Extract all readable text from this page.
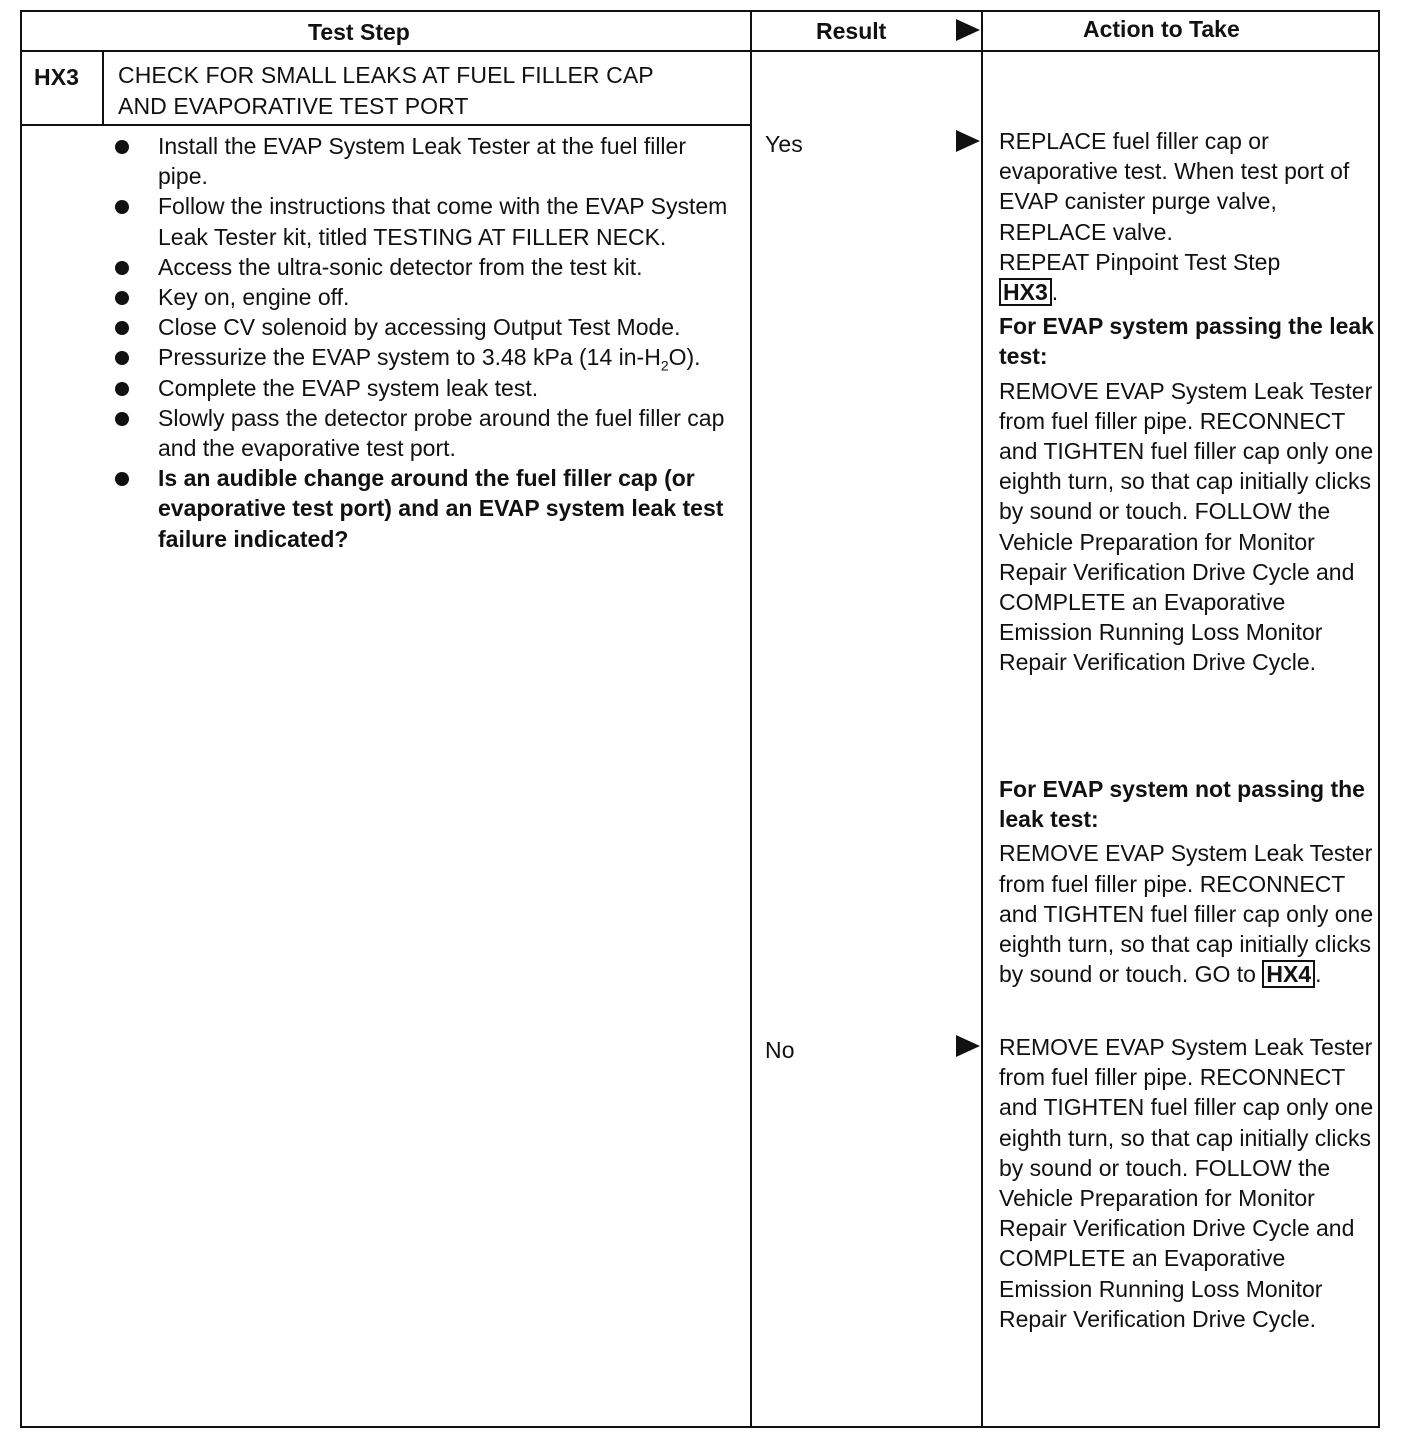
Test Step	Result	Action to Take
HX3 CHECK FOR SMALL LEAKS AT FUEL FILLER CAP
AND EVAPORATIVE TEST PORT
Install the EVAP System Leak Tester at the fuel filler pipe.
Follow the instructions that come with the EVAP System Leak Tester kit, titled TESTING AT FILLER NECK.
Access the ultra-sonic detector from the test kit.
Key on, engine off.
Close CV solenoid by accessing Output Test Mode.
Pressurize the EVAP system to 3.48 kPa (14 $in-H_2O$).
Complete the EVAP system leak test.
Slowly pass the detector probe around the fuel filler cap and the evaporative test port.
Is an audible change around the fuel filler cap (or evaporative test port) and an EVAP system leak test failure indicated?
Yes	REPLACE fuel filler cap or evaporative test. When test port of EVAP canister purge valve, REPLACE valve.

REPEAT Pinpoint Test Step
HX3 .

For EVAP system passing the leak test:

REMOVE EVAP System Leak Tester from fuel filler pipe. RECONNECT and TIGHTEN fuel filler cap only one eighth turn, so that cap initially clicks by sound or touch. FOLLOW the Vehicle Preparation for Monitor Repair Verification Drive Cycle and COMPLETE an Evaporative Emission Running Loss Monitor Repair Verification Drive Cycle.

For EVAP system not passing the leak test:

REMOVE EVAP System Leak Tester from fuel filler pipe. RECONNECT and TIGHTEN fuel filler cap only one eighth turn, so that cap initially clicks by sound or touch. GO to HX4 .

No	REMOVE EVAP System Leak Tester from fuel filler pipe. RECONNECT and TIGHTEN fuel filler cap only one eighth turn, so that cap initially clicks by sound or touch. FOLLOW the Vehicle Preparation for Monitor Repair Verification Drive Cycle and COMPLETE an Evaporative Emission Running Loss Monitor Repair Verification Drive Cycle.
